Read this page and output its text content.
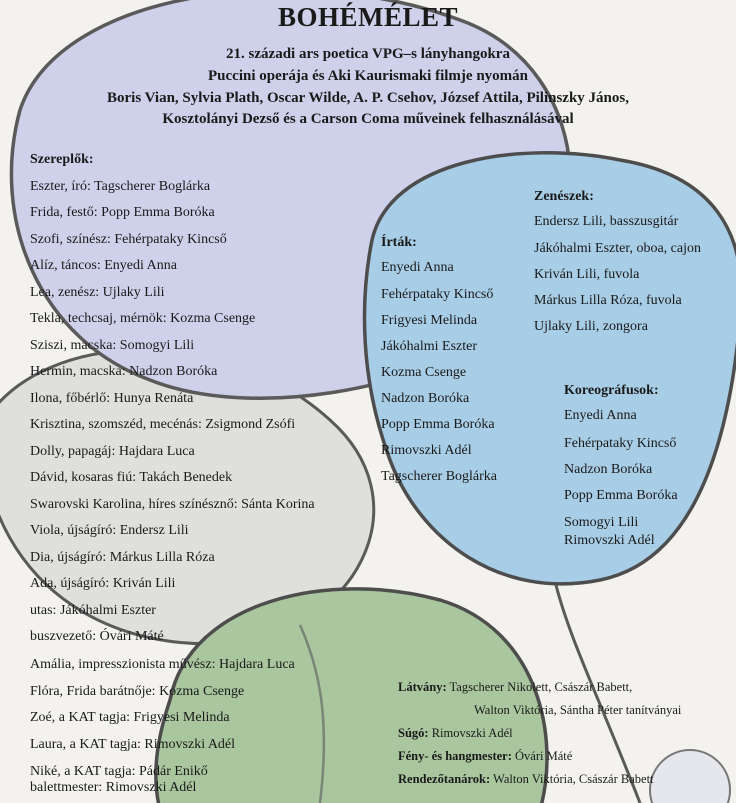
BOHÉMÉLET
21. századi ars poetica VPG–s lányhangokra
Puccini operája és Aki Kaurismaki filmje nyomán
Boris Vian, Sylvia Plath, Oscar Wilde, A. P. Csehov, József Attila, Pilinszky János,
Kosztolányi Dezső és a Carson Coma műveinek felhasználásával
Szereplők:
Eszter, író: Tagscherer Boglárka
Frida, festő: Popp Emma Boróka
Szofi, színész: Fehérpataky Kincső
Alíz, táncos: Enyedi Anna
Lea, zenész: Ujlaky Lili
Tekla, techcsaj, mérnök: Kozma Csenge
Sziszi, macska: Somogyi Lili
Hermin, macska: Nadzon Boróka
Ilona, főbérlő: Hunya Renáta
Krisztina, szomszéd, mecénás: Zsigmond Zsófi
Dolly, papagáj: Hajdara Luca
Dávid, kosaras fiú: Takách Benedek
Swarovski Karolina, híres színésznő: Sánta Korina
Viola, újságíró: Endersz Lili
Dia, újságíró: Márkus Lilla Róza
Ada, újságíró: Kriván Lili
utas: Jákóhalmi Eszter
buszvezető: Óvári Máté
Amália, impresszionista művész: Hajdara Luca
Flóra, Frida barátnője: Kozma Csenge
Zoé, a KAT tagja: Frigyesi Melinda
Laura, a KAT tagja: Rimovszki Adél
Niké, a KAT tagja: Pádár Enikő
balettmester: Rimovszki Adél
Írták:
Enyedi Anna
Fehérpataky Kincső
Frigyesi Melinda
Jákóhalmi Eszter
Kozma Csenge
Nadzon Boróka
Popp Emma Boróka
Rimovszki Adél
Tagscherer Boglárka
Zenészek:
Endersz Lili, basszusgitár
Jákóhalmi Eszter, oboa, cajon
Kriván Lili, fuvola
Márkus Lilla Róza, fuvola
Ujlaky Lili, zongora
Koreográfusok:
Enyedi Anna
Fehérpataky Kincső
Nadzon Boróka
Popp Emma Boróka
Somogyi Lili
Rimovszki Adél
Látvány: Tagscherer Nikolett, Császár Babett,
Walton Viktória, Sántha Péter tanítványai
Súgó: Rimovszki Adél
Fény- és hangmester: Óvári Máté
Rendezőtanárok: Walton Viktória, Császár Babett
